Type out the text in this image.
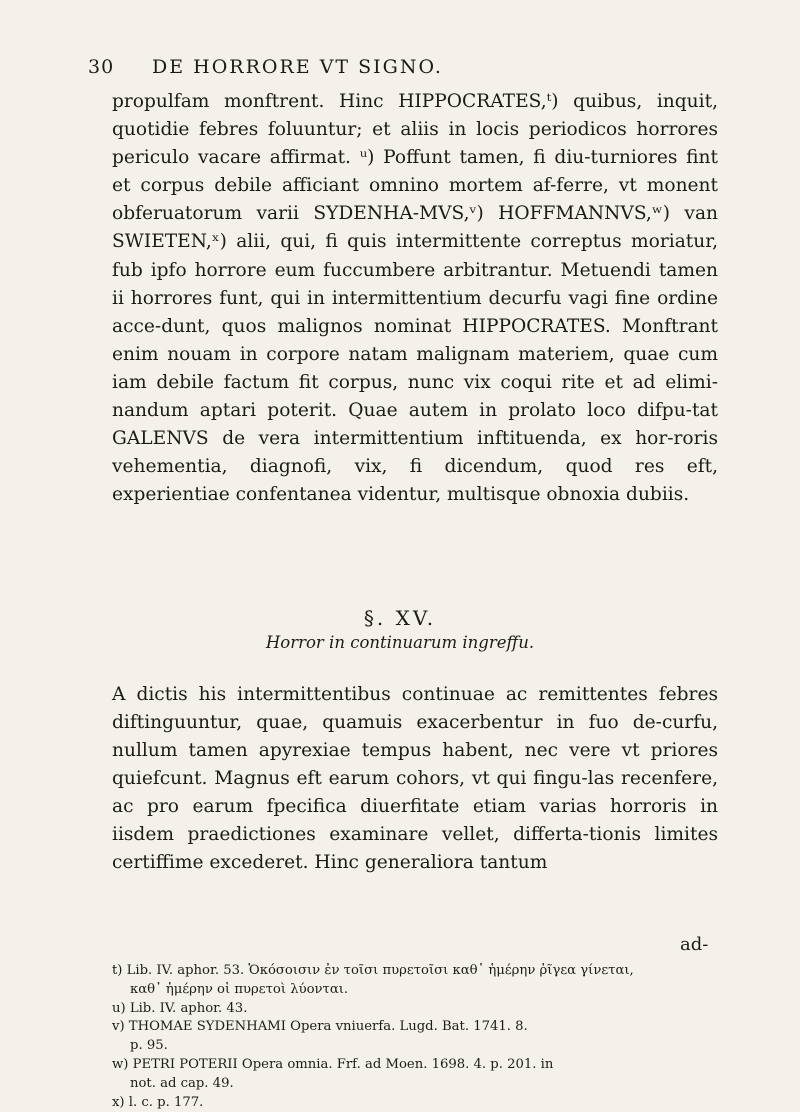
30 DE HORRORE VT SIGNO.

propulfam monftrent. Hinc HIPPOCRATES,ᵗ) quibus, inquit, quotidie febres foluuntur; et aliis in locis periodicos horrores periculo vacare affirmat. ᵘ) Poffunt tamen, fi diu-turniores fint et corpus debile afficiant omnino mortem af-ferre, vt monent obferuatorum varii SYDENHA-MVS,ᵛ) HOFFMANNVS,ʷ) van SWIETEN,ˣ) alii, qui, fi quis intermittente correptus moriatur, fub ipfo horrore eum fuccumbere arbitrantur. Metuendi tamen ii horrores funt, qui in intermittentium decurfu vagi fine ordine acce-dunt, quos malignos nominat HIPPOCRATES. Monftrant enim nouam in corpore natam malignam materiem, quae cum iam debile factum fit corpus, nunc vix coqui rite et ad elimi-nandum aptari poterit. Quae autem in prolato loco difpu-tat GALENVS de vera intermittentium inftituenda, ex hor-roris vehementia, diagnofi, vix, fi dicendum, quod res eft, experientiae confentanea videntur, multisque obnoxia dubiis.

§. XV.
Horror in continuarum ingreffu.

A dictis his intermittentibus continuae ac remittentes febres diftinguuntur, quae, quamuis exacerbentur in fuo de-curfu, nullum tamen apyrexiae tempus habent, nec vere vt priores quiefcunt. Magnus eft earum cohors, vt qui fingu-las recenfere, ac pro earum fpecifica diuerfitate etiam varias horroris in iisdem praedictiones examinare vellet, differta-tionis limites certiffime excederet. Hinc generaliora tantum

ad-
t) Lib. IV. aphor. 53. Ὁκόσοισιν ἐν τοῖσι πυρετοῖσι καθ᾽ ἡμέρην ῥῖγεα γίνεται,
καθ᾽ ἡμέρην οἱ πυρετοὶ λύονται.
u) Lib. IV. aphor. 43.
v) THOMAE SYDENHAMI Opera vniuerfa. Lugd. Bat. 1741. 8.
p. 95.
w) PETRI POTERII Opera omnia. Frf. ad Moen. 1698. 4. p. 201. in
not. ad cap. 49.
x) l. c. p. 177.
